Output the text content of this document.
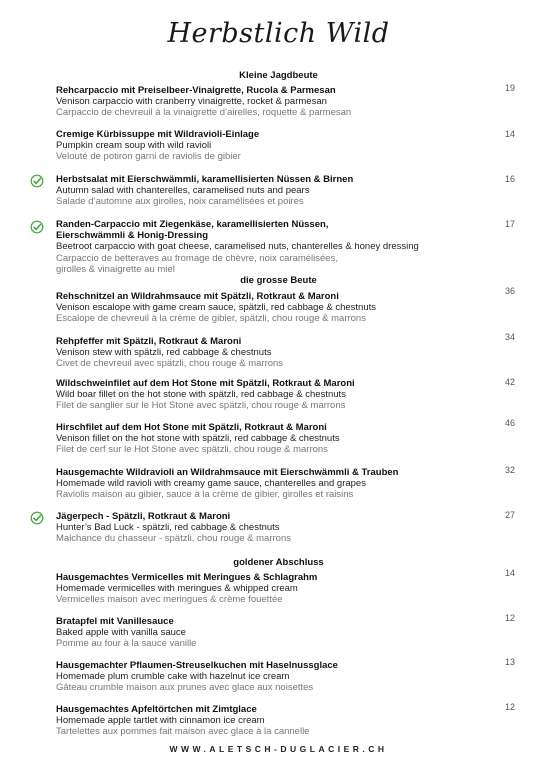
Herbstlich Wild
Kleine Jagdbeute
Rehcarpaccio mit Preiselbeer-Vinaigrette, Rucola & Parmesan
Venison carpaccio with cranberry vinaigrette, rocket & parmesan
Carpaccio de chevreuil à la vinaigrette d’airelles, roquette & parmesan
19
Cremige Kürbissuppe mit Wildravioli-Einlage
Pumpkin cream soup with wild ravioli
Velouté de potiron garni de raviolis de gibier
14
Herbstsalat mit Eierschwämmli, karamellisierten Nüssen & Birnen
Autumn salad with chanterelles, caramelised nuts and pears
Salade d’automne aux girolles, noix caramélisées et poires
16
Randen-Carpaccio mit Ziegenkäse, karamellisierten Nüssen,
Eierschwämmli & Honig-Dressing
Beetroot carpaccio with goat cheese, caramelised nuts, chanterelles & honey dressing
Carpaccio de betteraves au fromage de chèvre, noix caramélisées,
girolles & vinaigrette au miel
17
die grosse Beute
Rehschnitzel an Wildrahmsauce mit Spätzli, Rotkraut & Maroni
Venison escalope with game cream sauce, spätzli, red cabbage & chestnuts
Escalope de chevreuil à la crème de gibier, spätzli, chou rouge & marrons
36
Rehpfeffer mit Spätzli, Rotkraut & Maroni
Venison stew with spätzli, red cabbage & chestnuts
Civet de chevreuil avec spätzli, chou rouge & marrons
34
Wildschweinfilet auf dem Hot Stone mit Spätzli, Rotkraut & Maroni
Wild boar fillet on the hot stone with spätzli, red cabbage & chestnuts
Filet de sanglier sur le Hot Stone avec spätzli, chou rouge & marrons
42
Hirschfilet auf dem Hot Stone mit Spätzli, Rotkraut & Maroni
Venison fillet on the hot stone with spätzli, red cabbage & chestnuts
Filet de cerf sur le Hot Stone avec spätzli, chou rouge & marrons
46
Hausgemachte Wildravioli an Wildrahmsauce mit Eierschwämmli & Trauben
Homemade wild ravioli with creamy game sauce, chanterelles and grapes
Raviolis maison au gibier, sauce à la crème de gibier, girolles et raisins
32
Jägerpech - Spätzli, Rotkraut & Maroni
Hunter’s Bad Luck - spätzli, red cabbage & chestnuts
Malchance du chasseur - spätzli, chou rouge & marrons
27
goldener Abschluss
Hausgemachtes Vermicelles mit Meringues & Schlagrahm
Homemade vermicelles with meringues & whipped cream
Vermicelles maison avec meringues & crème fouettée
14
Bratapfel mit Vanillesauce
Baked apple with vanilla sauce
Pomme au four à la sauce vanille
12
Hausgemachter Pflaumen-Streuselkuchen mit Haselnussglace
Homemade plum crumble cake with hazelnut ice cream
Gâteau crumble maison aux prunes avec glace aux noisettes
13
Hausgemachtes Apfeltörtchen mit Zimtglace
Homemade apple tartlet with cinnamon ice cream
Tartelettes aux pommes fait maison avec glace à la cannelle
12
WWW.ALETSCH-DUGLACIER.CH
